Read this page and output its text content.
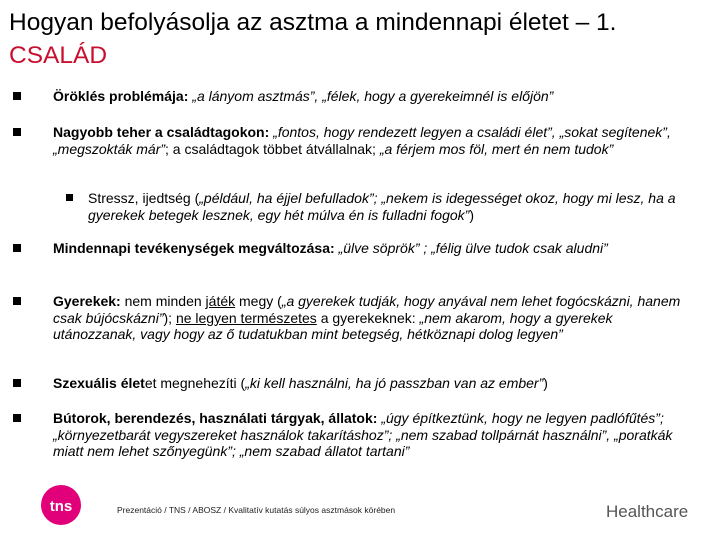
Hogyan befolyásolja az asztma a mindennapi életet – 1.
CSALÁD
Öröklés problémája: „a lányom asztmás”, „félek, hogy a gyerekeimnél is előjön”
Nagyobb teher a családtagokon: „fontos, hogy rendezett legyen a családi élet”, „sokat segítenek”, „megszokták már”; a családtagok többet átvállalnak; „a férjem mos föl, mert én nem tudok”
Stressz, ijedtség („például, ha éjjel befulladok”; „nekem is idegességet okoz, hogy mi lesz, ha a gyerekek betegek lesznek, egy hét múlva én is fulladni fogok”)
Mindennapi tevékenységek megváltozása: „ülve söprök” ; „félig ülve tudok csak aludni”
Gyerekek: nem minden játék megy („a gyerekek tudják, hogy anyával nem lehet fogócskázni, hanem csak bújócskázni”); ne legyen természetes a gyerekeknek: „nem akarom, hogy a gyerekek utánozzanak, vagy hogy az ő tudatukban mint betegség, hétköznapi dolog legyen”
Szexuális életet megnehezíti („ki kell használni, ha jó passzban van az ember”)
Bútorok, berendezés, használati tárgyak, állatok: „úgy építkeztünk, hogy ne legyen padlófűtés”; „környezetbarát vegyszereket használok takarításhoz”; „nem szabad tollpárnát használni”, „poratkák miatt nem lehet szőnyegünk”; „nem szabad állatot tartani”
tns	Prezentáció / TNS / ABOSZ / Kvalitatív kutatás súlyos asztmások körében	Healthcare
